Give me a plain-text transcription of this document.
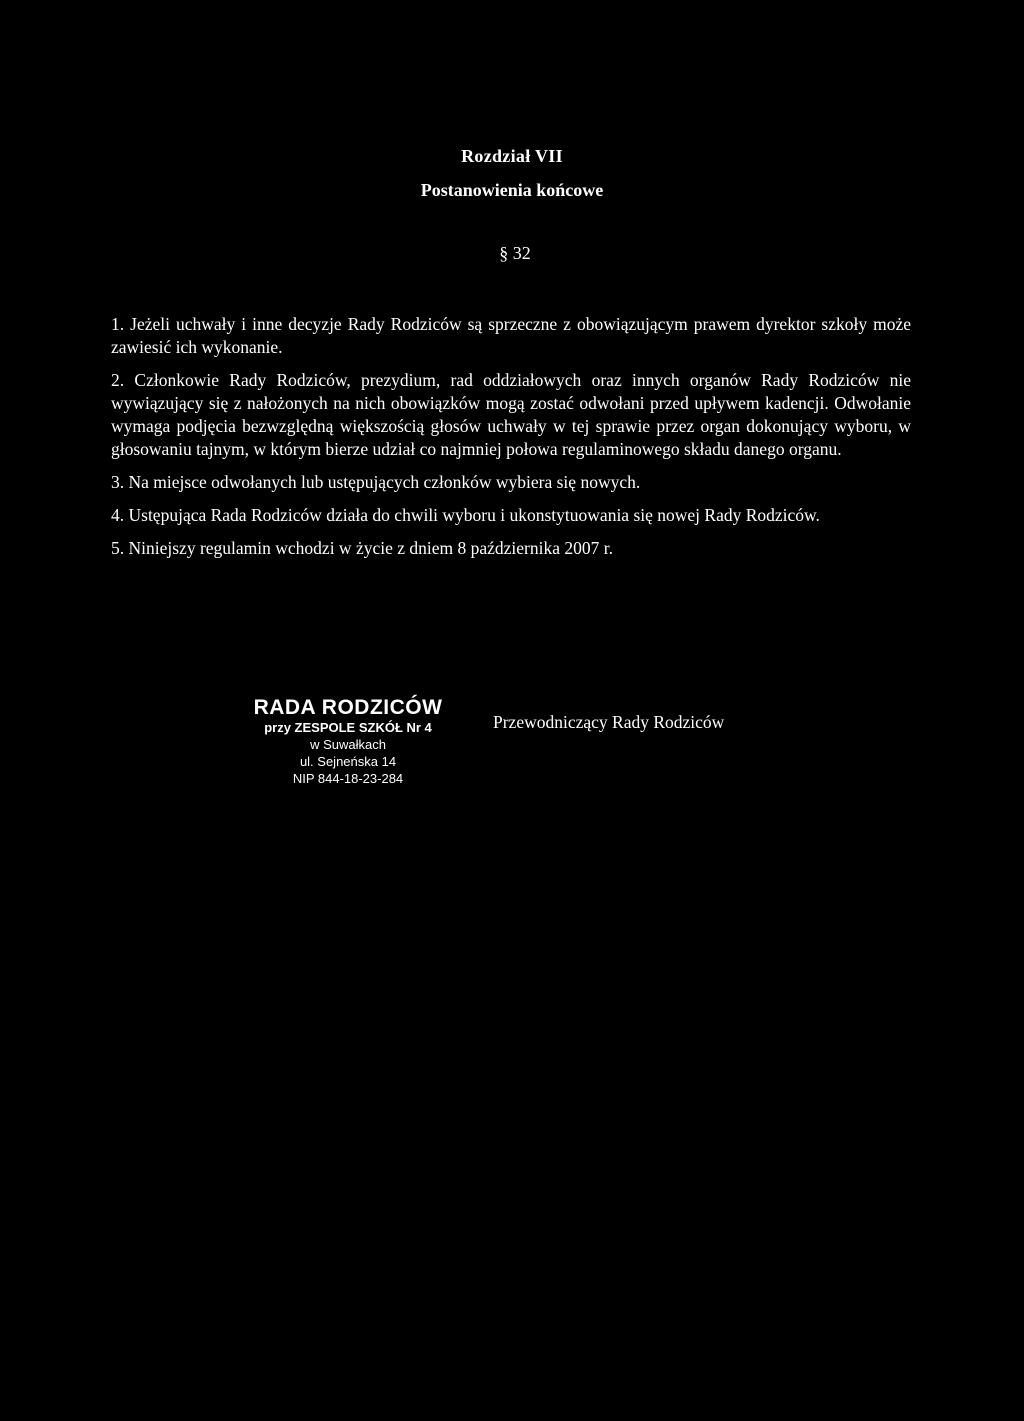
Rozdział VII
Postanowienia końcowe
§ 32

1. Jeżeli uchwały i inne decyzje Rady Rodziców są sprzeczne z obowiązującym prawem dyrektor szkoły może zawiesić ich wykonanie.

2. Członkowie Rady Rodziców, prezydium, rad oddziałowych oraz innych organów Rady Rodziców nie wywiązujący się z nałożonych na nich obowiązków mogą zostać odwołani przed upływem kadencji. Odwołanie wymaga podjęcia bezwzględną większością głosów uchwały w tej sprawie przez organ dokonujący wyboru, w głosowaniu tajnym, w którym bierze udział co najmniej połowa regulaminowego składu danego organu.

3. Na miejsce odwołanych lub ustępujących członków wybiera się nowych.

4. Ustępująca Rada Rodziców działa do chwili wyboru i ukonstytuowania się nowej Rady Rodziców.

5. Niniejszy regulamin wchodzi w życie z dniem 8 października 2007 r.

RADA RODZICÓW
przy ZESPOLE SZKÓŁ Nr 4
w Suwałkach
ul. Sejneńska 14
NIP 844-18-23-284
Przewodniczący Rady Rodziców
